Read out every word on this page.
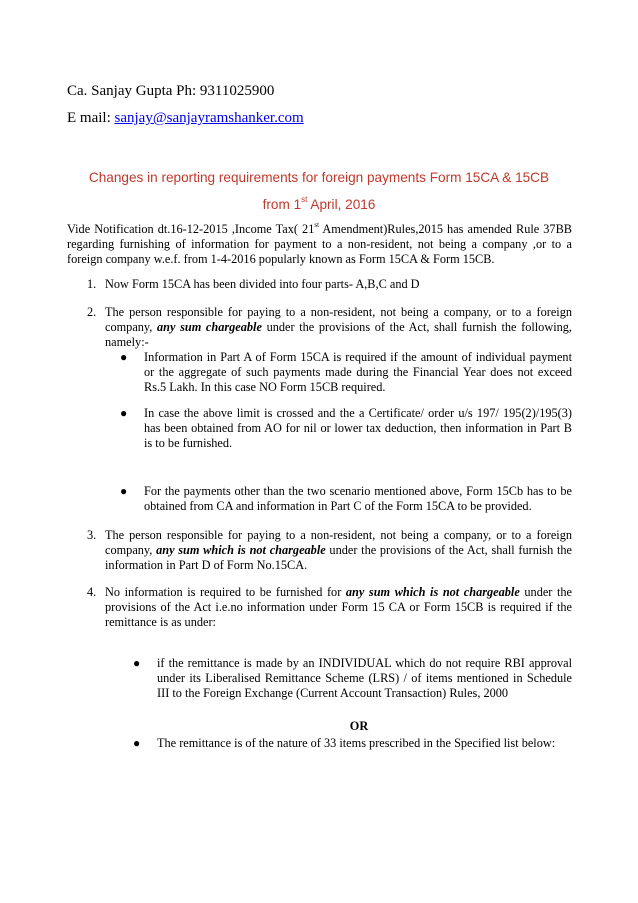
Ca. Sanjay Gupta Ph: 9311025900
E mail: sanjay@sanjayramshanker.com
Changes in reporting requirements for foreign payments Form 15CA & 15CB
from 1st April, 2016
Vide Notification dt.16-12-2015 ,Income Tax( 21st Amendment)Rules,2015 has amended Rule 37BB regarding furnishing of information for payment to a non-resident, not being a company ,or to a foreign company w.e.f. from 1-4-2016 popularly known as Form 15CA & Form 15CB.
1. Now Form 15CA has been divided into four parts- A,B,C and D
2. The person responsible for paying to a non-resident, not being a company, or to a foreign company, any sum chargeable under the provisions of the Act, shall furnish the following, namely:-
● Information in Part A of Form 15CA is required if the amount of individual payment or the aggregate of such payments made during the Financial Year does not exceed Rs.5 Lakh. In this case NO Form 15CB required.
● In case the above limit is crossed and the a Certificate/ order u/s 197/ 195(2)/195(3) has been obtained from AO for nil or lower tax deduction, then information in Part B is to be furnished.
● For the payments other than the two scenario mentioned above, Form 15Cb has to be obtained from CA and information in Part C of the Form 15CA to be provided.
3. The person responsible for paying to a non-resident, not being a company, or to a foreign company, any sum which is not chargeable under the provisions of the Act, shall furnish the information in Part D of Form No.15CA.
4. No information is required to be furnished for any sum which is not chargeable under the provisions of the Act i.e.no information under Form 15 CA or Form 15CB is required if the remittance is as under:
● if the remittance is made by an INDIVIDUAL which do not require RBI approval under its Liberalised Remittance Scheme (LRS) / of items mentioned in Schedule III to the Foreign Exchange (Current Account Transaction) Rules, 2000
OR
● The remittance is of the nature of 33 items prescribed in the Specified list below:
